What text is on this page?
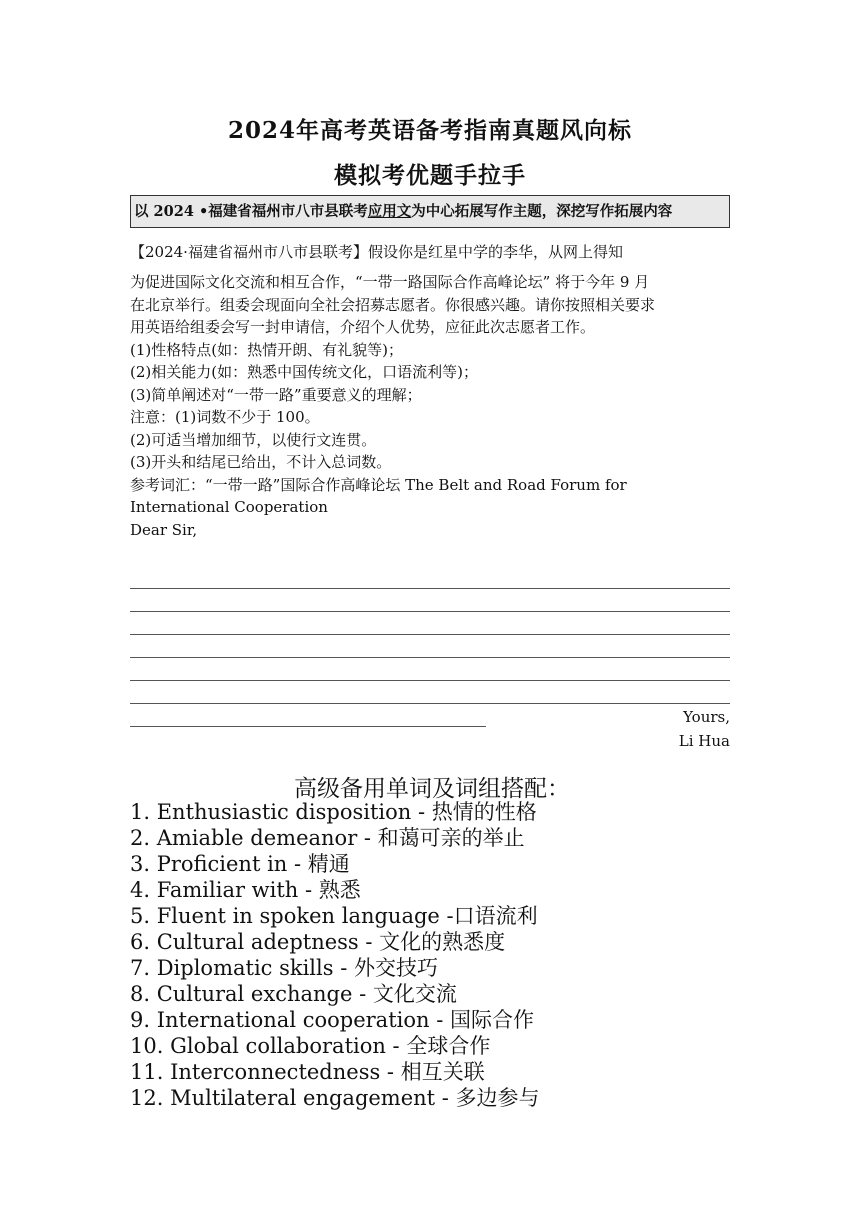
2024年高考英语备考指南真题风向标
模拟考优题手拉手
以 2024 •福建省福州市八市县联考应用文为中心拓展写作主题，深挖写作拓展内容
【2024·福建省福州市八市县联考】假设你是红星中学的李华，从网上得知
为促进国际文化交流和相互合作，“一带一路国际合作高峰论坛” 将于今年 9 月
在北京举行。组委会现面向全社会招募志愿者。你很感兴趣。请你按照相关要求
用英语给组委会写一封申请信，介绍个人优势，应征此次志愿者工作。
(1)性格特点(如：热情开朗、有礼貌等)；
(2)相关能力(如：熟悉中国传统文化，口语流利等)；
(3)简单阐述对“一带一路”重要意义的理解；
注意：(1)词数不少于 100。
(2)可适当增加细节，以使行文连贯。
(3)开头和结尾已给出，不计入总词数。
参考词汇：“一带一路”国际合作高峰论坛 The Belt and Road Forum for
International Cooperation
Dear Sir,
Yours,
Li Hua
高级备用单词及词组搭配：
1. Enthusiastic disposition - 热情的性格
2. Amiable demeanor - 和蔼可亲的举止
3. Proficient in - 精通
4. Familiar with - 熟悉
5. Fluent in spoken language -口语流利
6. Cultural adeptness - 文化的熟悉度
7. Diplomatic skills - 外交技巧
8. Cultural exchange - 文化交流
9. International cooperation - 国际合作
10. Global collaboration - 全球合作
11. Interconnectedness - 相互关联
12. Multilateral engagement - 多边参与
